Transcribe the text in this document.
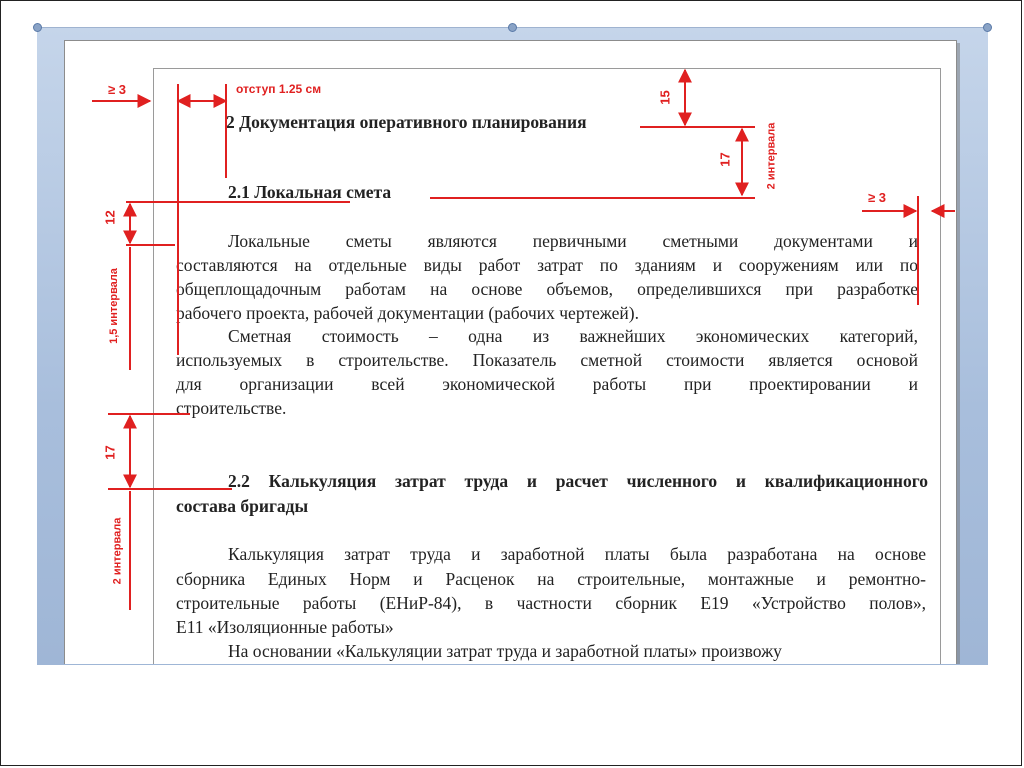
2 Документация оперативного планирования
2.1 Локальная смета
Локальные сметы являются первичными сметными документами и
составляются на отдельные виды работ затрат по зданиям и сооружениям или по
общеплощадочным работам на основе объемов, определившихся при разработке
рабочего проекта, рабочей документации (рабочих чертежей).
Сметная стоимость – одна из важнейших экономических категорий,
используемых в строительстве. Показатель сметной стоимости является основой
для организации всей экономической работы при проектировании и
строительстве.
2.2 Калькуляция затрат труда и расчет численного и квалификационного
состава бригады
Калькуляция затрат труда и заработной платы была разработана на основе
сборника Единых Норм и Расценок на строительные, монтажные и ремонтно-
строительные работы (ЕНиР-84), в частности сборник Е19 «Устройство полов»,
Е11 «Изоляционные работы»
На основании «Калькуляции затрат труда и заработной платы» произвожу
≥ 3	отступ 1.25 см
15
17	2 интервала
≥ 3
12
1,5 интервала
17
2 интервала
